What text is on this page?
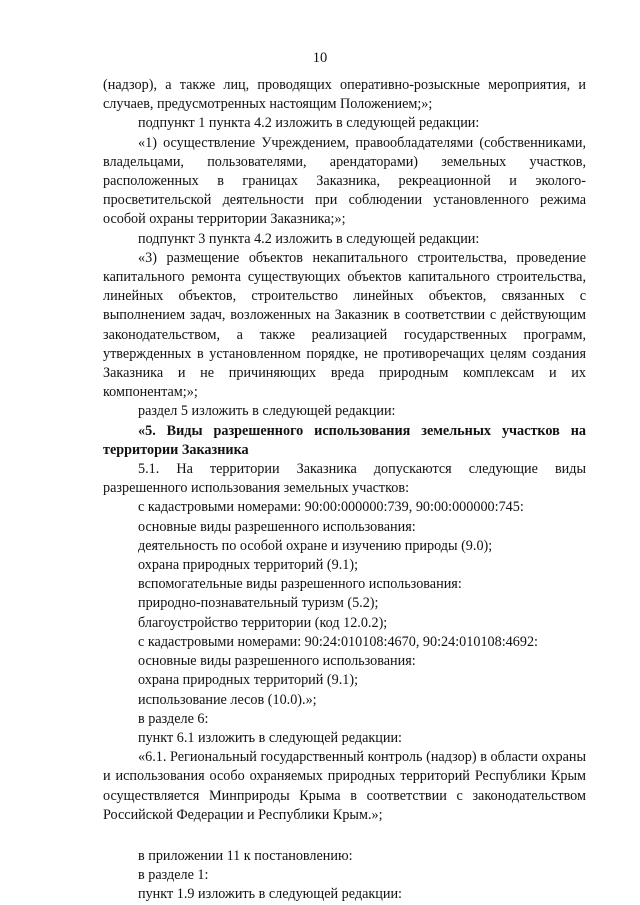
10

(надзор), а также лиц, проводящих оперативно-розыскные мероприятия, и случаев, предусмотренных настоящим Положением;»;

подпункт 1 пункта 4.2 изложить в следующей редакции:

«1) осуществление Учреждением, правообладателями (собственниками, владельцами, пользователями, арендаторами) земельных участков, расположенных в границах Заказника, рекреационной и эколого-просветительской деятельности при соблюдении установленного режима особой охраны территории Заказника;»;

подпункт 3 пункта 4.2 изложить в следующей редакции:

«3) размещение объектов некапитального строительства, проведение капитального ремонта существующих объектов капитального строительства, линейных объектов, строительство линейных объектов, связанных с выполнением задач, возложенных на Заказник в соответствии с действующим законодательством, а также реализацией государственных программ, утвержденных в установленном порядке, не противоречащих целям создания Заказника и не причиняющих вреда природным комплексам и их компонентам;»;

раздел 5 изложить в следующей редакции:

«5. Виды разрешенного использования земельных участков на территории Заказника

5.1. На территории Заказника допускаются следующие виды разрешенного использования земельных участков:

с кадастровыми номерами: 90:00:000000:739, 90:00:000000:745:

основные виды разрешенного использования:

деятельность по особой охране и изучению природы (9.0);

охрана природных территорий (9.1);

вспомогательные виды разрешенного использования:

природно-познавательный туризм (5.2);

благоустройство территории (код 12.0.2);

с кадастровыми номерами: 90:24:010108:4670, 90:24:010108:4692:

основные виды разрешенного использования:

охрана природных территорий (9.1);

использование лесов (10.0).»;

в разделе 6:

пункт 6.1 изложить в следующей редакции:

«6.1. Региональный государственный контроль (надзор) в области охраны и использования особо охраняемых природных территорий Республики Крым осуществляется Минприроды Крыма в соответствии с законодательством Российской Федерации и Республики Крым.»;

в приложении 11 к постановлению:

в разделе 1:

пункт 1.9 изложить в следующей редакции:
